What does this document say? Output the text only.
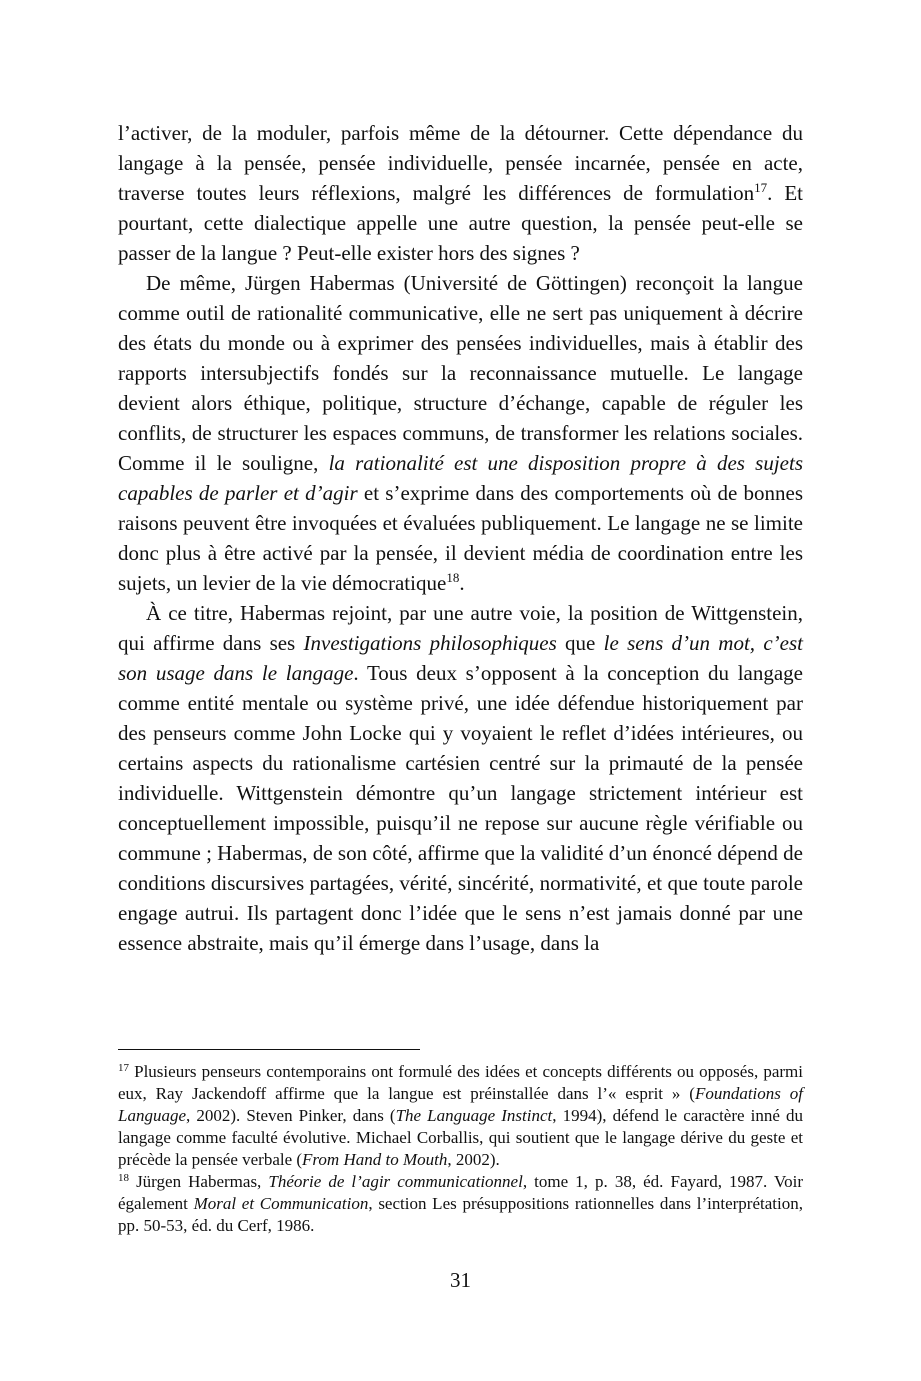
l’activer, de la moduler, parfois même de la détourner. Cette dépendance du langage à la pensée, pensée individuelle, pensée incarnée, pensée en acte, traverse toutes leurs réflexions, malgré les différences de formulation$^{17}$. Et pourtant, cette dialectique appelle une autre question, la pensée peut-elle se passer de la langue ? Peut-elle exister hors des signes ?

De même, Jürgen Habermas (Université de Göttingen) reconçoit la langue comme outil de rationalité communicative, elle ne sert pas uniquement à décrire des états du monde ou à exprimer des pensées individuelles, mais à établir des rapports intersubjectifs fondés sur la reconnaissance mutuelle. Le langage devient alors éthique, politique, structure d’échange, capable de réguler les conflits, de structurer les espaces communs, de transformer les relations sociales. Comme il le souligne, la rationalité est une disposition propre à des sujets capables de parler et d’agir et s’exprime dans des comportements où de bonnes raisons peuvent être invoquées et évaluées publiquement. Le langage ne se limite donc plus à être activé par la pensée, il devient média de coordination entre les sujets, un levier de la vie démocratique$^{18}$.

À ce titre, Habermas rejoint, par une autre voie, la position de Wittgenstein, qui affirme dans ses Investigations philosophiques que le sens d’un mot, c’est son usage dans le langage. Tous deux s’opposent à la conception du langage comme entité mentale ou système privé, une idée défendue historiquement par des penseurs comme John Locke qui y voyaient le reflet d’idées intérieures, ou certains aspects du rationalisme cartésien centré sur la primauté de la pensée individuelle. Wittgenstein démontre qu’un langage strictement intérieur est conceptuellement impossible, puisqu’il ne repose sur aucune règle vérifiable ou commune ; Habermas, de son côté, affirme que la validité d’un énoncé dépend de conditions discursives partagées, vérité, sincérité, normativité, et que toute parole engage autrui. Ils partagent donc l’idée que le sens n’est jamais donné par une essence abstraite, mais qu’il émerge dans l’usage, dans la

$^{17}$ Plusieurs penseurs contemporains ont formulé des idées et concepts différents ou opposés, parmi eux, Ray Jackendoff affirme que la langue est préinstallée dans l’« esprit » (Foundations of Language, 2002). Steven Pinker, dans (The Language Instinct, 1994), défend le caractère inné du langage comme faculté évolutive. Michael Corballis, qui soutient que le langage dérive du geste et précède la pensée verbale (From Hand to Mouth, 2002).

$^{18}$ Jürgen Habermas, Théorie de l’agir communicationnel, tome 1, p. 38, éd. Fayard, 1987. Voir également Moral et Communication, section Les présuppositions rationnelles dans l’interprétation, pp. 50-53, éd. du Cerf, 1986.

31
